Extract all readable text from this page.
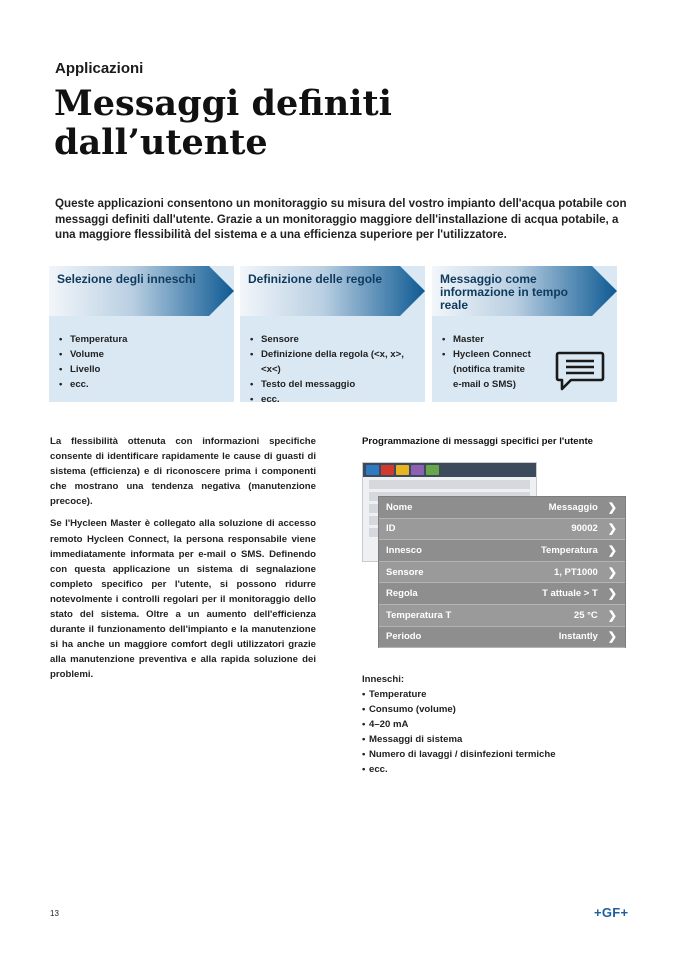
Applicazioni
Messaggi definiti
dall’utente

Queste applicazioni consentono un monitoraggio su misura del vostro impianto dell'acqua potabile con messaggi definiti dall'utente. Grazie a un monitoraggio maggiore dell'installazione di acqua potabile, a una maggiore flessibilità del sistema e a una efficienza superiore per l'utilizzatore.

Selezione degli inneschi
• Temperatura
• Volume
• Livello
• ecc.
Definizione delle regole
• Sensore
• Definizione della regola (<x, x>, <x<)
• Testo del messaggio
• ecc.
Messaggio come informazione in tempo reale
• Master
• Hycleen Connect
(notifica tramite
e-mail o SMS)

La flessibilità ottenuta con informazioni specifiche consente di identificare rapidamente le cause di guasti di sistema (efficienza) e di riconoscere prima i componenti che mostrano una tendenza negativa (manutenzione precoce).

Se l'Hycleen Master è collegato alla soluzione di accesso remoto Hycleen Connect, la persona responsabile viene immediatamente informata per e-mail o SMS. Definendo con questa applicazione un sistema di segnalazione completo specifico per l'utente, si possono ridurre notevolmente i controlli regolari per il monitoraggio dello stato del sistema. Oltre a un aumento dell'efficienza durante il funzionamento dell'impianto e la manutenzione si ha anche un maggiore comfort degli utilizzatori grazie alla manutenzione preventiva e alla rapida soluzione dei problemi.

Programmazione di messaggi specifici per l'utente
Nome	Messaggio ❯
ID	90002 ❯
Innesco	Temperatura ❯
Sensore	1, PT1000 ❯
Regola	T attuale > T ❯
Temperatura T	25 °C ❯
Periodo	Instantly ❯
Inneschi:
• Temperature
• Consumo (volume)
• 4–20 mA
• Messaggi di sistema
• Numero di lavaggi / disinfezioni termiche
• ecc.
13	+GF+
